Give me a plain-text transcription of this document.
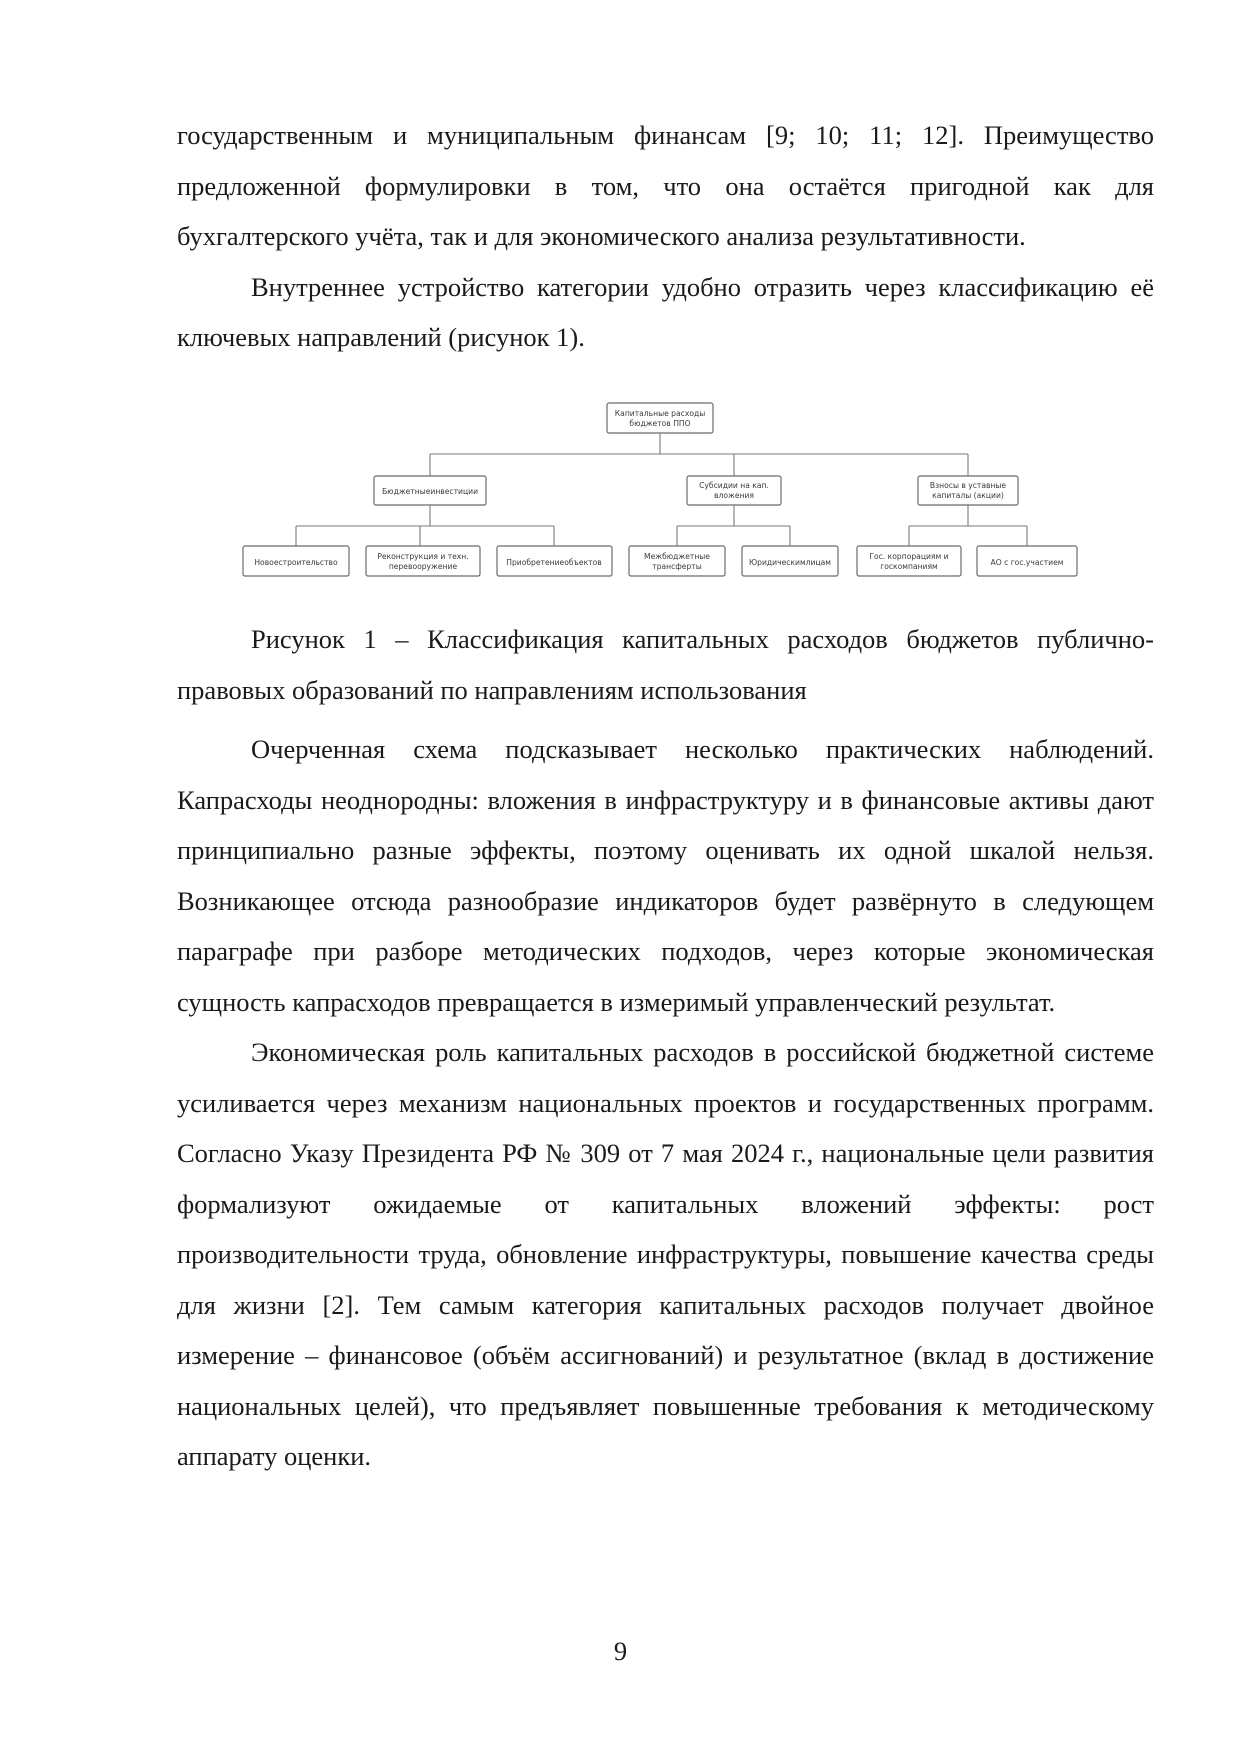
государственным и муниципальным финансам [9; 10; 11; 12]. Преимущество предложенной формулировки в том, что она остаётся пригодной как для бухгалтерского учёта, так и для экономического анализа результативности.

Внутреннее устройство категории удобно отразить через классификацию её ключевых направлений (рисунок 1).

Капитальные расходы
бюджетов ППО
Бюджетныеинвестиции
Субсидии на кап.
вложения
Взносы в уставные
капиталы (акции)
Новоестроительство
Реконструкция и техн.
перевооружение	Приобретениеобъектов
Межбюджетные
трансферты	Юридическимлицам
Гос. корпорациям и
госкомпаниям	АО с гос.участием

Рисунок 1 – Классификация капитальных расходов бюджетов публично-правовых образований по направлениям использования

Очерченная схема подсказывает несколько практических наблюдений. Капрасходы неоднородны: вложения в инфраструктуру и в финансовые активы дают принципиально разные эффекты, поэтому оценивать их одной шкалой нельзя. Возникающее отсюда разнообразие индикаторов будет развёрнуто в следующем параграфе при разборе методических подходов, через которые экономическая сущность капрасходов превращается в измеримый управленческий результат.

Экономическая роль капитальных расходов в российской бюджетной системе усиливается через механизм национальных проектов и государственных программ. Согласно Указу Президента РФ № 309 от 7 мая 2024 г., национальные цели развития формализуют ожидаемые от капитальных вложений эффекты: рост производительности труда, обновление инфраструктуры, повышение качества среды для жизни [2]. Тем самым категория капитальных расходов получает двойное измерение – финансовое (объём ассигнований) и результатное (вклад в достижение национальных целей), что предъявляет повышенные требования к методическому аппарату оценки.

9
